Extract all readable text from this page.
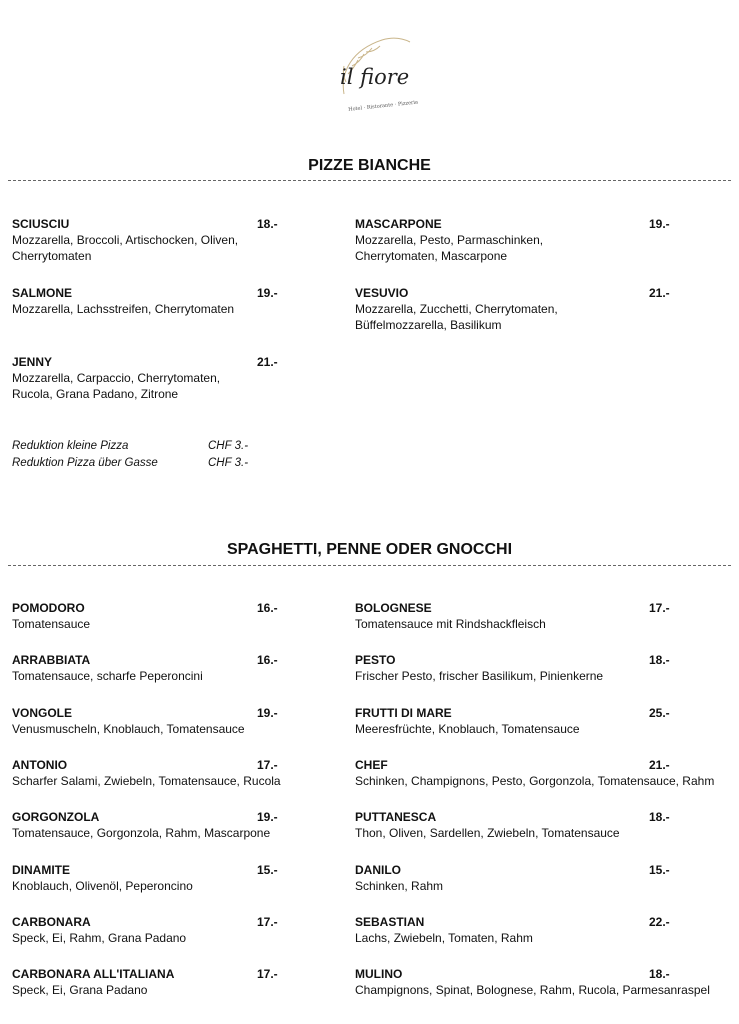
il fiore
Hotel · Ristorante · Pizzeria
PIZZE BIANCHE
SCIUSCIU	18.-
Mozzarella, Broccoli, Artischocken, Oliven, Cherrytomaten
SALMONE	19.-
Mozzarella, Lachsstreifen, Cherrytomaten
JENNY	21.-
Mozzarella, Carpaccio, Cherrytomaten, Rucola, Grana Padano, Zitrone
MASCARPONE	19.-
Mozzarella, Pesto, Parmaschinken, Cherrytomaten, Mascarpone
VESUVIO	21.-
Mozzarella, Zucchetti, Cherrytomaten, Büffelmozzarella, Basilikum
Reduktion kleine Pizza	CHF 3.-
Reduktion Pizza über Gasse	CHF 3.-
SPAGHETTI, PENNE ODER GNOCCHI
POMODORO	16.-
Tomatensauce
ARRABBIATA	16.-
Tomatensauce, scharfe Peperoncini
VONGOLE	19.-
Venusmuscheln, Knoblauch, Tomatensauce
ANTONIO	17.-
Scharfer Salami, Zwiebeln, Tomatensauce, Rucola
GORGONZOLA	19.-
Tomatensauce, Gorgonzola, Rahm, Mascarpone
DINAMITE	15.-
Knoblauch, Olivenöl, Peperoncino
CARBONARA	17.-
Speck, Ei, Rahm, Grana Padano
CARBONARA ALL'ITALIANA	17.-
Speck, Ei, Grana Padano
BOLOGNESE	17.-
Tomatensauce mit Rindshackfleisch
PESTO	18.-
Frischer Pesto, frischer Basilikum, Pinienkerne
FRUTTI DI MARE	25.-
Meeresfrüchte, Knoblauch, Tomatensauce
CHEF	21.-
Schinken, Champignons, Pesto, Gorgonzola, Tomatensauce, Rahm
PUTTANESCA	18.-
Thon, Oliven, Sardellen, Zwiebeln, Tomatensauce
DANILO	15.-
Schinken, Rahm
SEBASTIAN	22.-
Lachs, Zwiebeln, Tomaten, Rahm
MULINO	18.-
Champignons, Spinat, Bolognese, Rahm, Rucola, Parmesanraspel
